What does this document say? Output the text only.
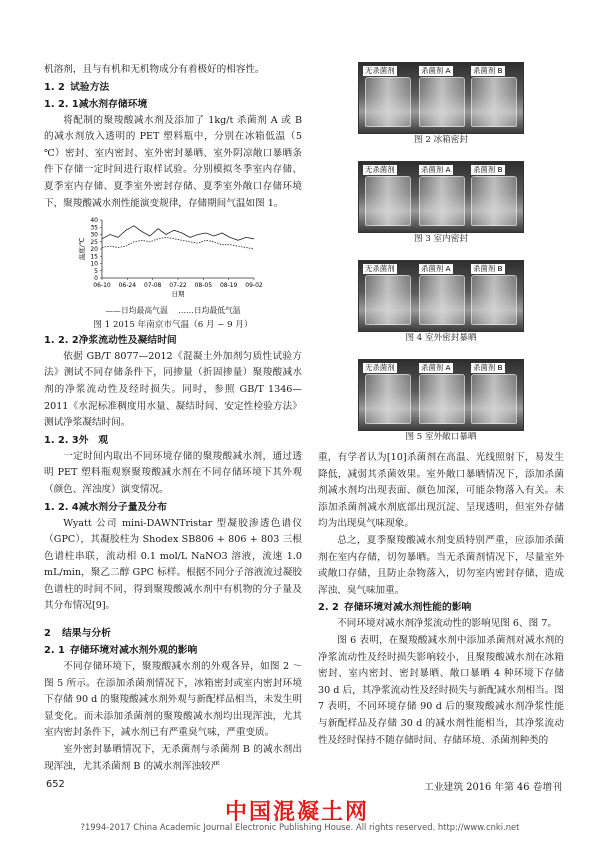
机溶剂，且与有机和无机物成分有着极好的相容性。

1. 2 试验方法
1. 2. 1减水剂存储环境

将配制的聚羧酸减水剂及添加了 1kg/t 杀菌剂 A 或 B 的减水剂放入透明的 PET 塑料瓶中，分别在冰箱低温（5 ℃）密封、室内密封、室外密封暴晒、室外阴凉敞口暴晒条件下存储一定时间进行取样试验。分别模拟冬季室内存储、夏季室内存储、夏季室外密封存储、夏季室外敞口存储环境下，聚羧酸减水剂性能演变规律，存储期间气温如图 1。

0
5
10
15
20
25
30
35
40
温度/℃
06-10 06-24 07-08 07-22 08-05 08-19 09-02
日期
——日均最高气温 ……日均最低气温
图 1 2015 年南京市气温（6 月 ~ 9 月）
1. 2. 2净浆流动性及凝结时间

依据 GB/T 8077—2012《混凝土外加剂匀质性试验方法》测试不同存储条件下，同掺量（折固掺量）聚羧酸减水剂的净浆流动性及经时损失。同时，参照 GB/T 1346—2011《水泥标准稠度用水量、凝结时间、安定性检验方法》测试净浆凝结时间。

1. 2. 3外　观

一定时间内取出不同环境存储的聚羧酸减水剂，通过透明 PET 塑料瓶观察聚羧酸减水剂在不同存储环境下其外观（颜色、浑浊度）演变情况。

1. 2. 4减水剂分子量及分布

Wyatt 公司 mini-DAWNTristar 型凝胶渗透色谱仪（GPC），其凝胶柱为 Shodex SB806 + 806 + 803 三根色谱柱串联，流动相 0.1 mol/L NaNO3 溶液，流速 1.0 mL/min，聚乙二醇 GPC 标样。根据不同分子溶液流过凝胶色谱柱的时间不同，得到聚羧酸减水剂中有机物的分子量及其分布情况[9]。

2 结果与分析
2. 1 存储环境对减水剂外观的影响

不同存储环境下，聚羧酸减水剂的外观各异，如图 2 ～ 图 5 所示。在添加杀菌剂情况下，冰箱密封或室内密封环境下存储 90 d 的聚羧酸减水剂外观与新配样品相当，未发生明显变化。而未添加杀菌剂的聚羧酸减水剂均出现浑浊，尤其室内密封条件下，减水剂已有严重臭气味，严重变质。

室外密封暴晒情况下，无杀菌剂与杀菌剂 B 的减水剂出现浑浊，尤其杀菌剂 B 的减水剂浑浊较严

无杀菌剂	杀菌剂 A	杀菌剂 B
图 2 冰箱密封
无杀菌剂	杀菌剂 A	杀菌剂 B
图 3 室内密封
无杀菌剂	杀菌剂 A	杀菌剂 B
图 4 室外密封暴晒
无杀菌剂	杀菌剂 A	杀菌剂 B
图 5 室外敞口暴晒

重，有学者认为[10]杀菌剂在高温、光线照射下，易发生降低，减弱其杀菌效果。室外敞口暴晒情况下，添加杀菌剂减水剂均出现表面、颜色加深，可能杂物落入有关。未添加杀菌剂减水剂底部出现沉淀、呈现透明，但室外存储均为出现臭气味现象。

总之，夏季聚羧酸减水剂变质特别严重，应添加杀菌剂在室内存储，切勿暴晒。当无杀菌剂情况下，尽量室外或敞口存储，且防止杂物落入，切勿室内密封存储，造成浑浊、臭气味加重。

2. 2 存储环境对减水剂性能的影响

不同环境对减水剂净浆流动性的影响见图 6、图 7。

图 6 表明，在聚羧酸减水剂中添加杀菌剂对减水剂的净浆流动性及经时损失影响较小，且聚羧酸减水剂在冰箱密封、室内密封、密封暴晒、敞口暴晒 4 种环境下存储 30 d 后，其净浆流动性及经时损失与新配减水剂相当。图 7 表明，不同环境存储 90 d 后的聚羧酸减水剂净浆性能与新配样品及存储 30 d 的减水剂性能相当，其净浆流动性及经时保持不随存储时间、存储环境、杀菌剂种类的

652	工业建筑 2016 年第 46 卷增刊
中国混凝土网
?1994-2017 China Academic Journal Electronic Publishing House. All rights reserved. http://www.cnki.net
